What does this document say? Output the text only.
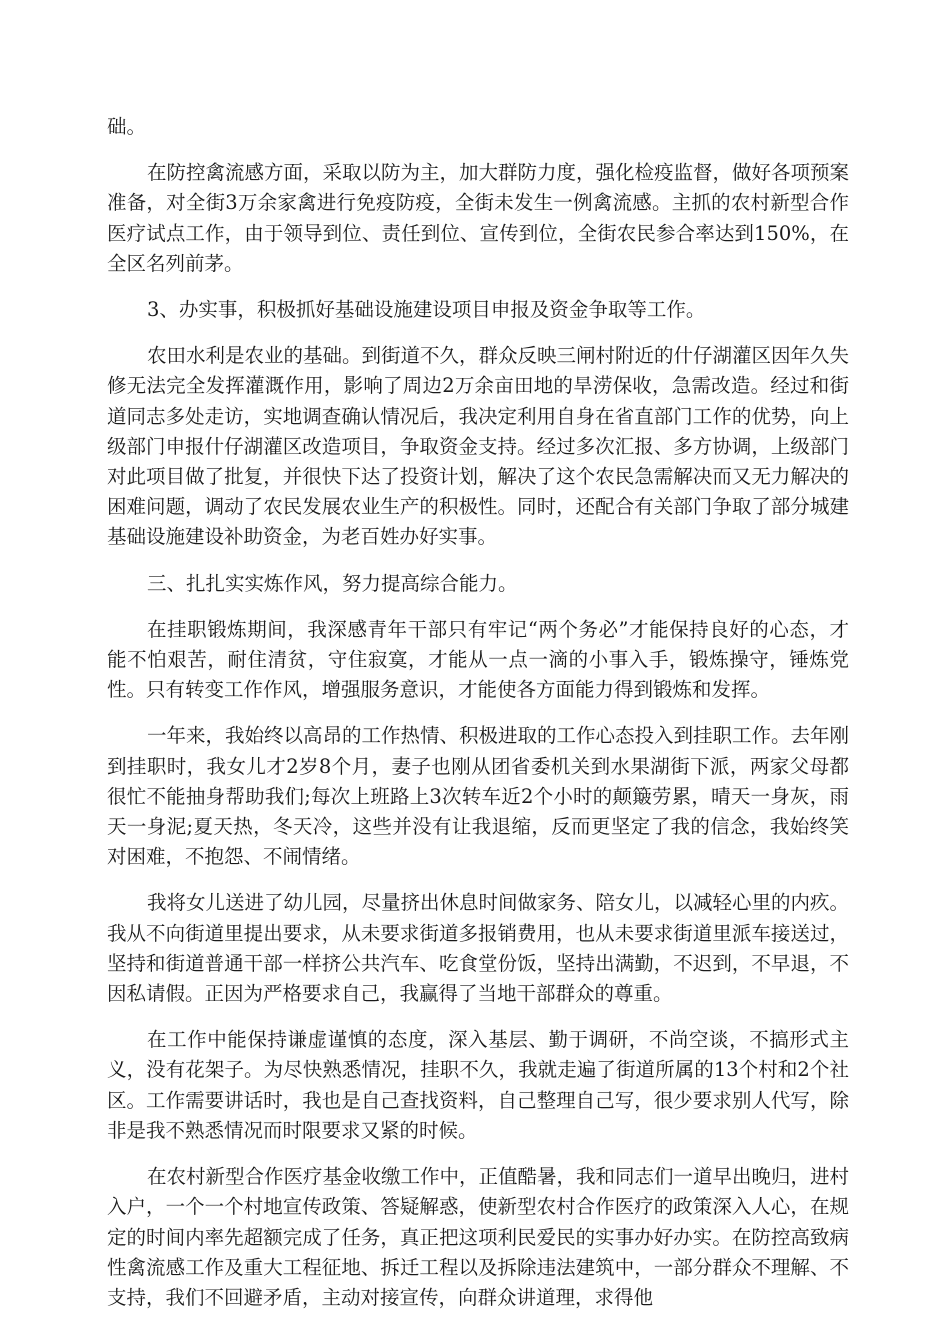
础。

在防控禽流感方面，采取以防为主，加大群防力度，强化检疫监督，做好各项预案准备，对全街3万余家禽进行免疫防疫，全街未发生一例禽流感。主抓的农村新型合作医疗试点工作，由于领导到位、责任到位、宣传到位，全街农民参合率达到150%，在全区名列前茅。

3、办实事，积极抓好基础设施建设项目申报及资金争取等工作。

农田水利是农业的基础。到街道不久，群众反映三闸村附近的什仔湖灌区因年久失修无法完全发挥灌溉作用，影响了周边2万余亩田地的旱涝保收，急需改造。经过和街道同志多处走访，实地调查确认情况后，我决定利用自身在省直部门工作的优势，向上级部门申报什仔湖灌区改造项目，争取资金支持。经过多次汇报、多方协调，上级部门对此项目做了批复，并很快下达了投资计划，解决了这个农民急需解决而又无力解决的困难问题，调动了农民发展农业生产的积极性。同时，还配合有关部门争取了部分城建基础设施建设补助资金，为老百姓办好实事。

三、扎扎实实炼作风，努力提高综合能力。

在挂职锻炼期间，我深感青年干部只有牢记“两个务必”才能保持良好的心态，才能不怕艰苦，耐住清贫，守住寂寞，才能从一点一滴的小事入手，锻炼操守，锤炼党性。只有转变工作作风，增强服务意识，才能使各方面能力得到锻炼和发挥。

一年来，我始终以高昂的工作热情、积极进取的工作心态投入到挂职工作。去年刚到挂职时，我女儿才2岁8个月，妻子也刚从团省委机关到水果湖街下派，两家父母都很忙不能抽身帮助我们;每次上班路上3次转车近2个小时的颠簸劳累，晴天一身灰，雨天一身泥;夏天热，冬天冷，这些并没有让我退缩，反而更坚定了我的信念，我始终笑对困难，不抱怨、不闹情绪。

我将女儿送进了幼儿园，尽量挤出休息时间做家务、陪女儿，以减轻心里的内疚。我从不向街道里提出要求，从未要求街道多报销费用，也从未要求街道里派车接送过，坚持和街道普通干部一样挤公共汽车、吃食堂份饭，坚持出满勤，不迟到，不早退，不因私请假。正因为严格要求自己，我赢得了当地干部群众的尊重。

在工作中能保持谦虚谨慎的态度，深入基层、勤于调研，不尚空谈，不搞形式主义，没有花架子。为尽快熟悉情况，挂职不久，我就走遍了街道所属的13个村和2个社区。工作需要讲话时，我也是自己查找资料，自己整理自己写，很少要求别人代写，除非是我不熟悉情况而时限要求又紧的时候。

在农村新型合作医疗基金收缴工作中，正值酷暑，我和同志们一道早出晚归，进村入户，一个一个村地宣传政策、答疑解惑，使新型农村合作医疗的政策深入人心，在规定的时间内率先超额完成了任务，真正把这项利民爱民的实事办好办实。在防控高致病性禽流感工作及重大工程征地、拆迁工程以及拆除违法建筑中，一部分群众不理解、不支持，我们不回避矛盾，主动对接宣传，向群众讲道理，求得他
